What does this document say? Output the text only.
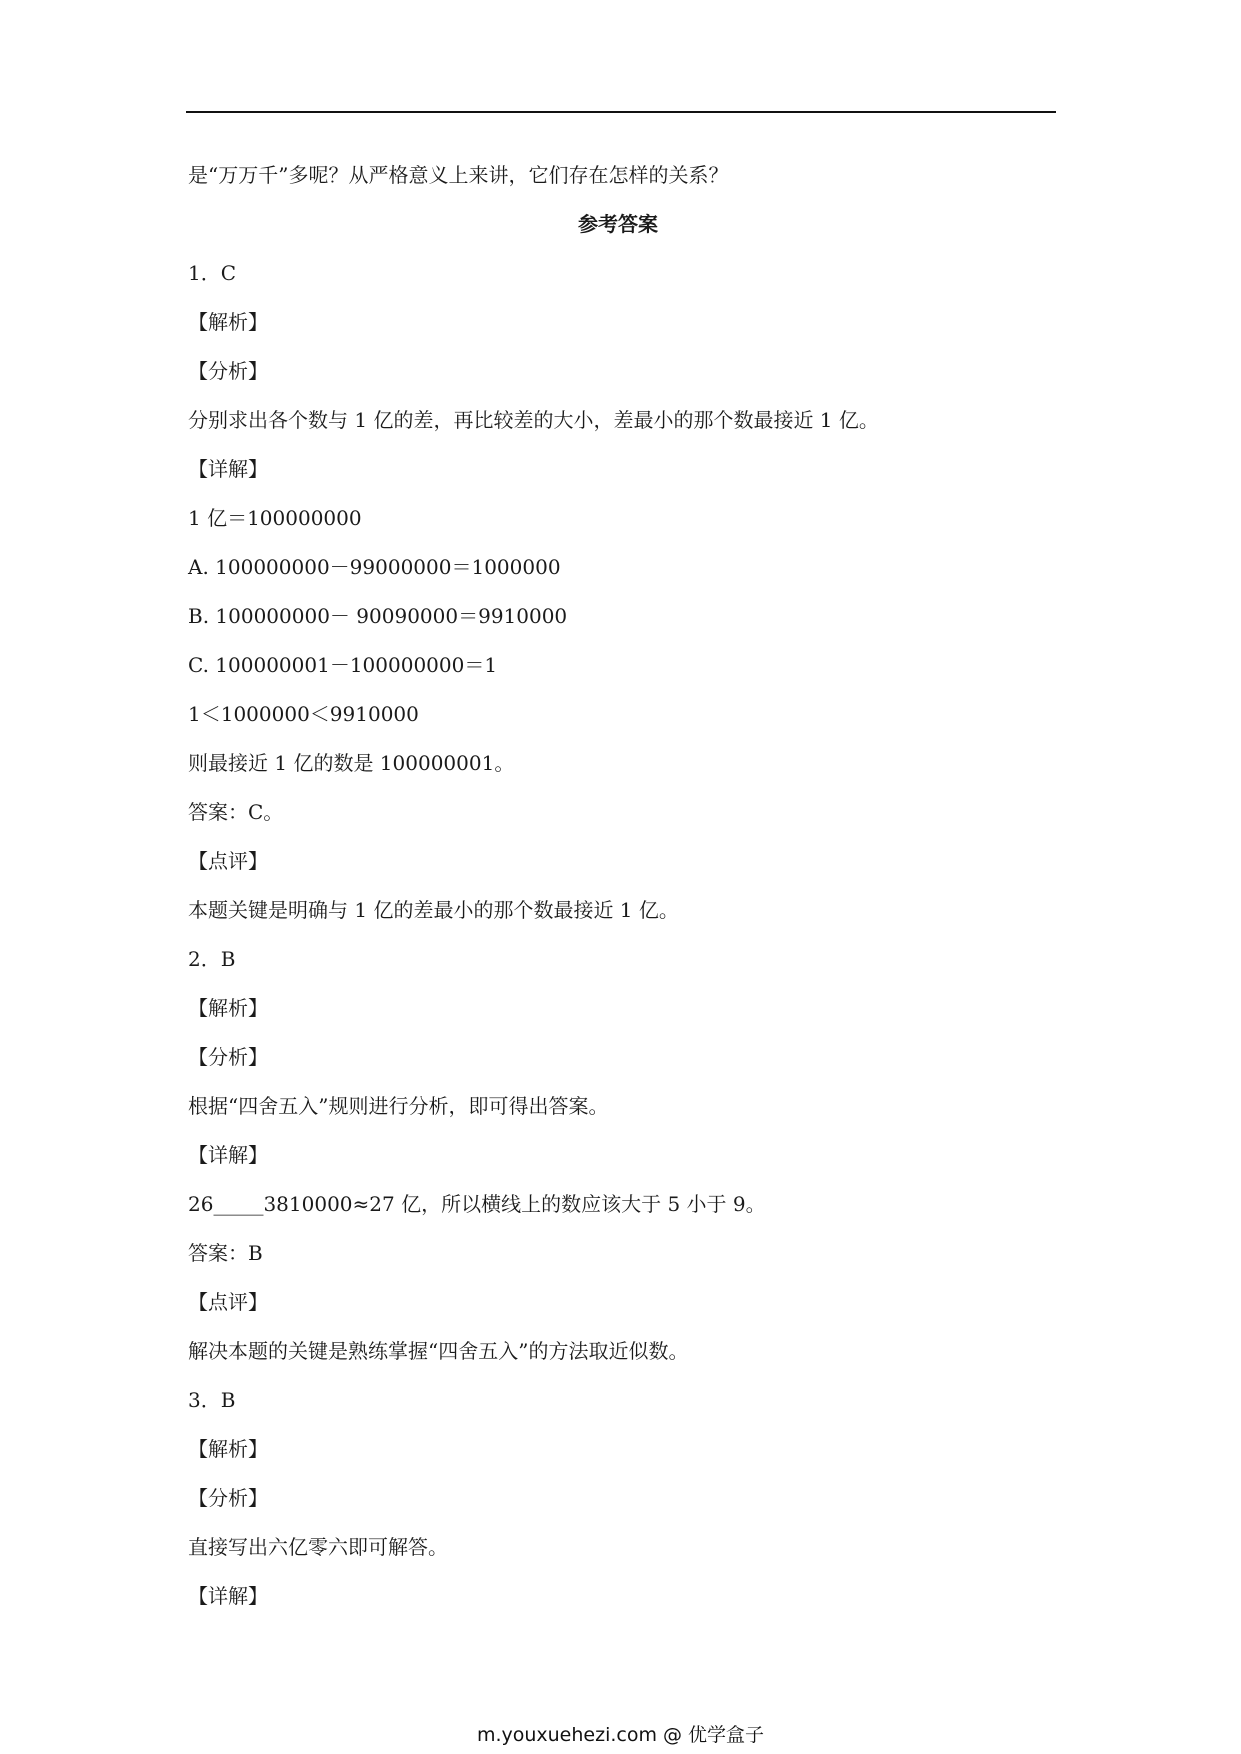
是“万万千”多呢？从严格意义上来讲，它们存在怎样的关系？
参考答案
1．C
【解析】
【分析】
分别求出各个数与 1 亿的差，再比较差的大小，差最小的那个数最接近 1 亿。
【详解】
1 亿＝100000000
A. 100000000－99000000＝1000000
B. 100000000－ 90090000＝9910000
C. 100000001－100000000＝1
1＜1000000＜9910000
则最接近 1 亿的数是 100000001。
答案：C。
【点评】
本题关键是明确与 1 亿的差最小的那个数最接近 1 亿。
2．B
【解析】
【分析】
根据“四舍五入”规则进行分析，即可得出答案。
【详解】
26_____3810000≈27 亿，所以横线上的数应该大于 5 小于 9。
答案：B
【点评】
解决本题的关键是熟练掌握“四舍五入”的方法取近似数。
3．B
【解析】
【分析】
直接写出六亿零六即可解答。
【详解】
m.youxuehezi.com @ 优学盒子
